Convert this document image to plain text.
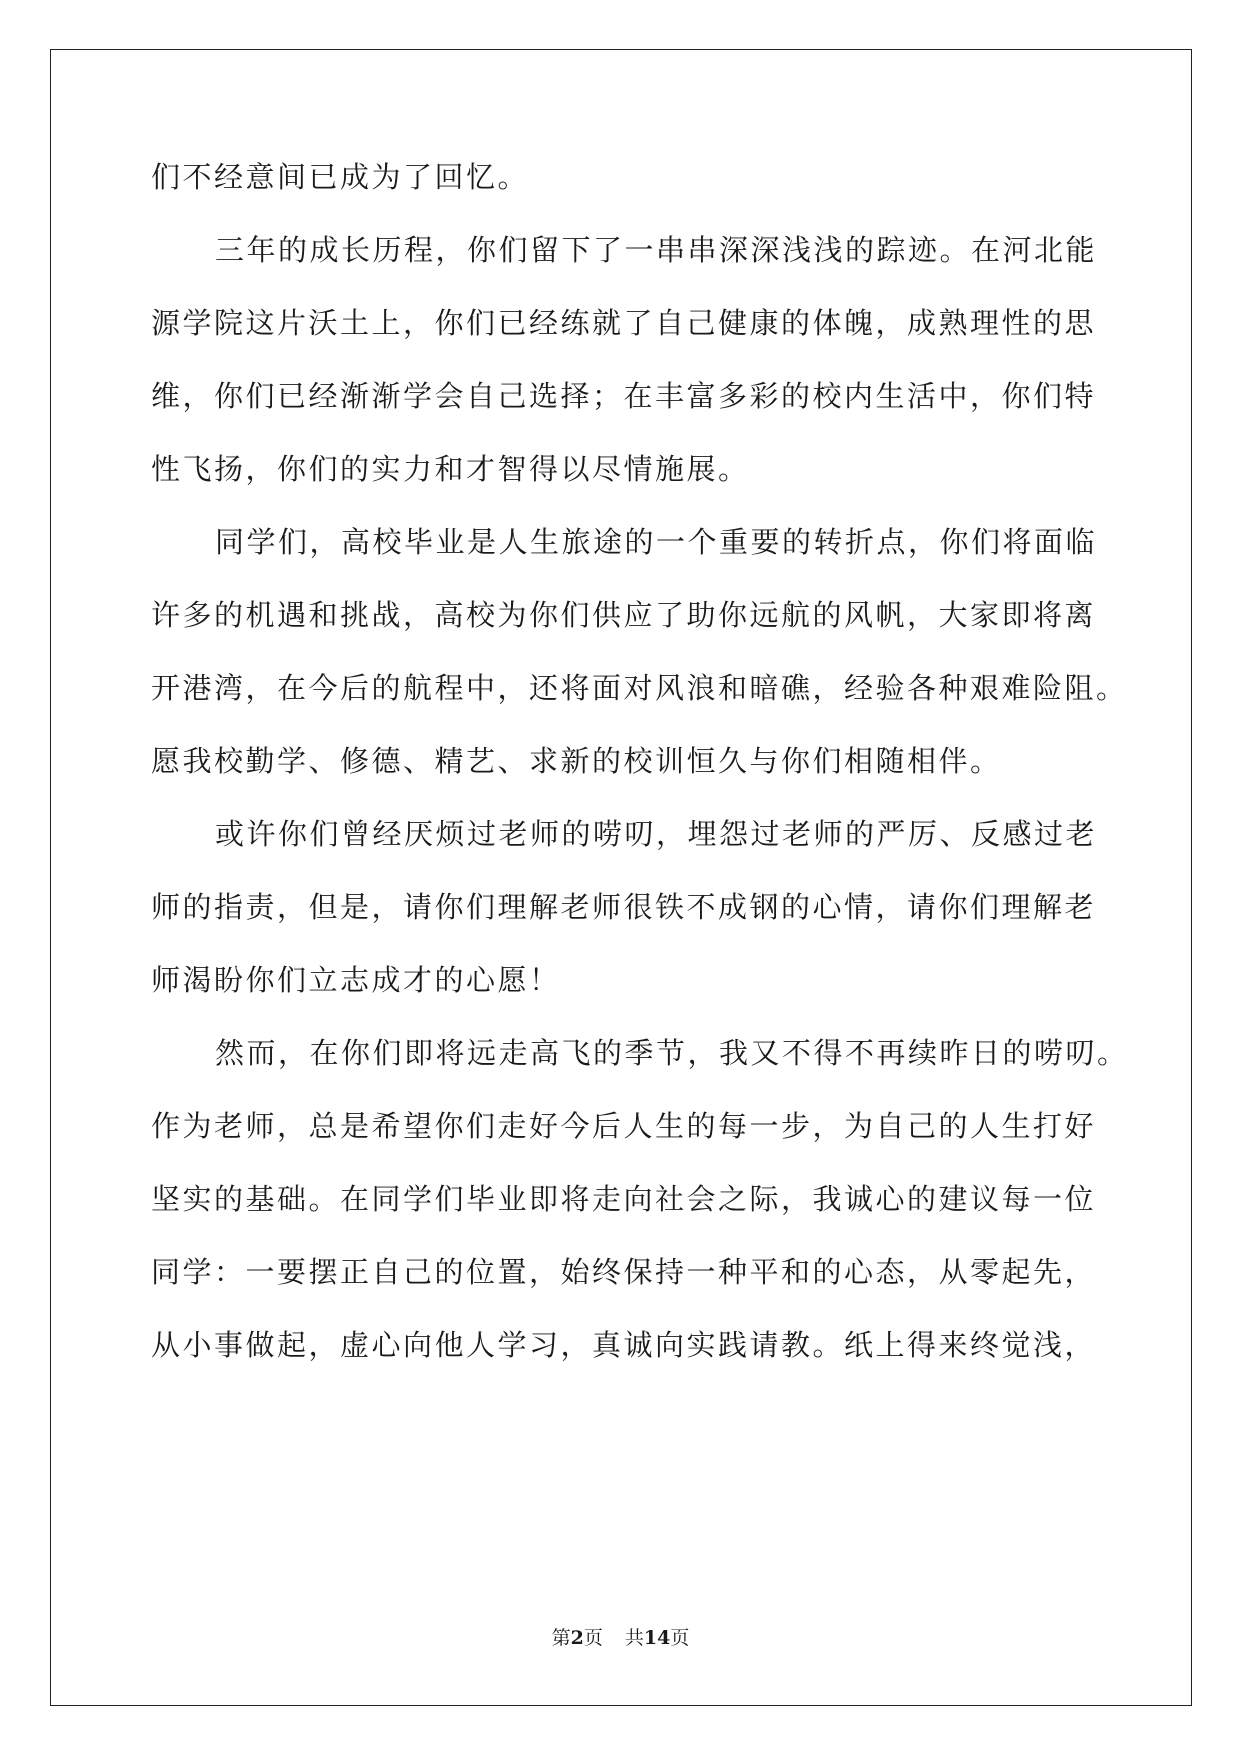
们不经意间已成为了回忆。
三年的成长历程，你们留下了一串串深深浅浅的踪迹。在河北能
源学院这片沃土上，你们已经练就了自己健康的体魄，成熟理性的思
维，你们已经渐渐学会自己选择；在丰富多彩的校内生活中，你们特
性飞扬，你们的实力和才智得以尽情施展。
同学们，高校毕业是人生旅途的一个重要的转折点，你们将面临
许多的机遇和挑战，高校为你们供应了助你远航的风帆，大家即将离
开港湾，在今后的航程中，还将面对风浪和暗礁，经验各种艰难险阻。
愿我校勤学、修德、精艺、求新的校训恒久与你们相随相伴。
或许你们曾经厌烦过老师的唠叨，埋怨过老师的严厉、反感过老
师的指责，但是，请你们理解老师很铁不成钢的心情，请你们理解老
师渴盼你们立志成才的心愿！
然而，在你们即将远走高飞的季节，我又不得不再续昨日的唠叨。
作为老师，总是希望你们走好今后人生的每一步，为自己的人生打好
坚实的基础。在同学们毕业即将走向社会之际，我诚心的建议每一位
同学：一要摆正自己的位置，始终保持一种平和的心态，从零起先，
从小事做起，虚心向他人学习，真诚向实践请教。纸上得来终觉浅，
第2页 共14页
